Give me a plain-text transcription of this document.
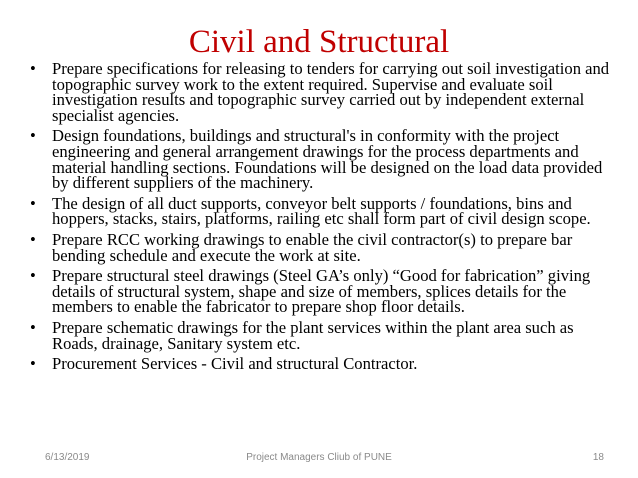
Civil and Structural
• Prepare specifications for releasing to tenders for carrying out soil investigation and topographic survey work to the extent required. Supervise and evaluate soil investigation results and topographic survey carried out by independent external specialist agencies.
• Design foundations, buildings and structural's in conformity with the project engineering and general arrangement drawings for the process departments and material handling sections. Foundations will be designed on the load data provided by different suppliers of the machinery.
• The design of all duct supports, conveyor belt supports / foundations, bins and hoppers, stacks, stairs, platforms, railing etc shall form part of civil design scope.
• Prepare RCC working drawings to enable the civil contractor(s) to prepare bar bending schedule and execute the work at site.
• Prepare structural steel drawings (Steel GA’s only) “Good for fabrication” giving details of structural system, shape and size of members, splices details for the members to enable the fabricator to prepare shop floor details.
• Prepare schematic drawings for the plant services within the plant area such as Roads, drainage, Sanitary system etc.
• Procurement Services - Civil and structural Contractor.
6/13/2019	Project Managers Cliub of PUNE	18
